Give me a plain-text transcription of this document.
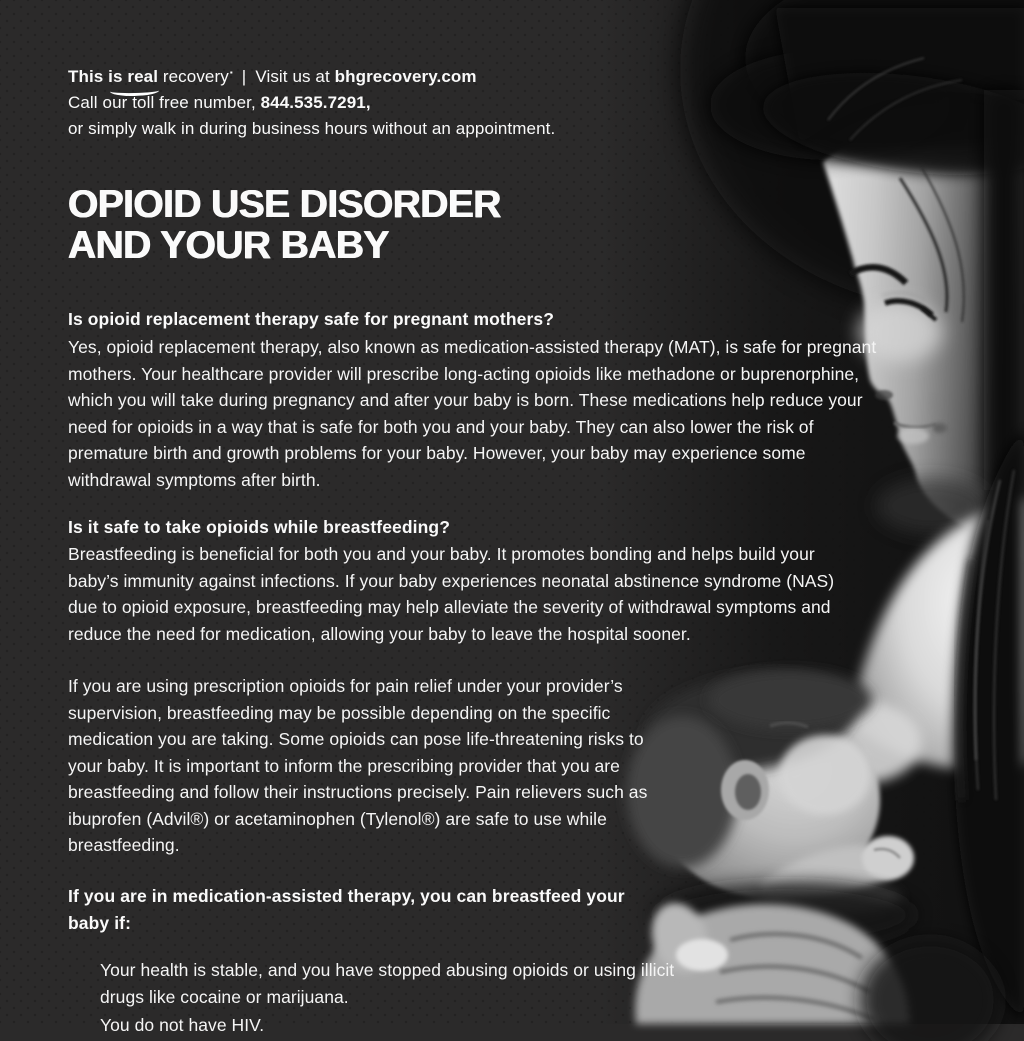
This is real recovery▪ | Visit us at bhgrecovery.com
Call our toll free number, 844.535.7291,
or simply walk in during business hours without an appointment.
OPIOID USE DISORDER
AND YOUR BABY
Is opioid replacement therapy safe for pregnant mothers?
Yes, opioid replacement therapy, also known as medication-assisted therapy (MAT), is safe for pregnant mothers. Your healthcare provider will prescribe long-acting opioids like methadone or buprenorphine, which you will take during pregnancy and after your baby is born. These medications help reduce your need for opioids in a way that is safe for both you and your baby. They can also lower the risk of premature birth and growth problems for your baby. However, your baby may experience some withdrawal symptoms after birth.
Is it safe to take opioids while breastfeeding?
Breastfeeding is beneficial for both you and your baby. It promotes bonding and helps build your baby’s immunity against infections. If your baby experiences neonatal abstinence syndrome (NAS) due to opioid exposure, breastfeeding may help alleviate the severity of withdrawal symptoms and reduce the need for medication, allowing your baby to leave the hospital sooner.
If you are using prescription opioids for pain relief under your provider’s supervision, breastfeeding may be possible depending on the specific medication you are taking. Some opioids can pose life-threatening risks to your baby. It is important to inform the prescribing provider that you are breastfeeding and follow their instructions precisely. Pain relievers such as ibuprofen (Advil®) or acetaminophen (Tylenol®) are safe to use while breastfeeding.
If you are in medication-assisted therapy, you can breastfeed your baby if:
Your health is stable, and you have stopped abusing opioids or using illicit drugs like cocaine or marijuana.
You do not have HIV.
